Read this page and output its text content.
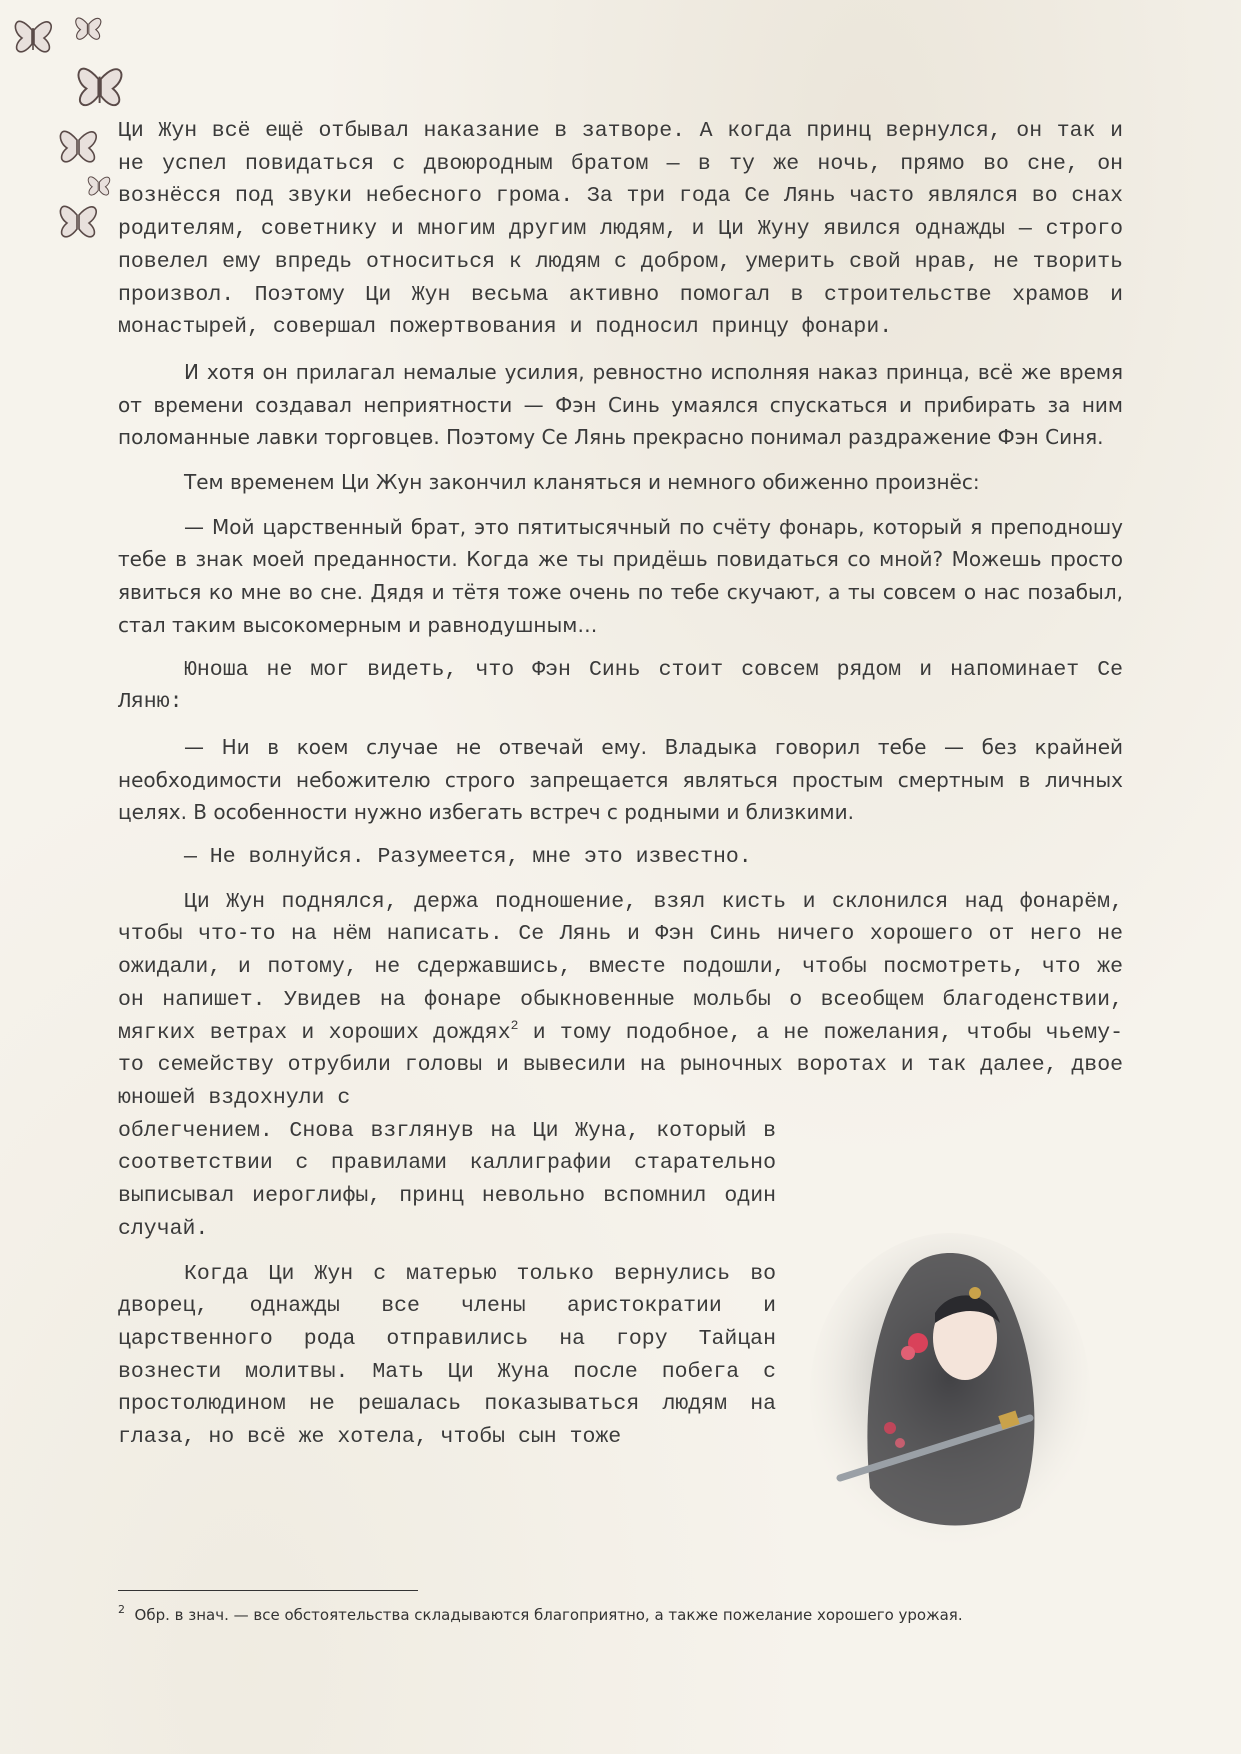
Ци Жун всё ещё отбывал наказание в затворе. А когда принц вернулся, он так и не успел повидаться с двоюродным братом — в ту же ночь, прямо во сне, он вознёсся под звуки небесного грома. За три года Се Лянь часто являлся во снах родителям, советнику и многим другим людям, и Ци Жуну явился однажды — строго повелел ему впредь относиться к людям с добром, умерить свой нрав, не творить произвол. Поэтому Ци Жун весьма активно помогал в строительстве храмов и монастырей, совершал пожертвования и подносил принцу фонари.

И хотя он прилагал немалые усилия, ревностно исполняя наказ принца, всё же время от времени создавал неприятности — Фэн Синь умаялся спускаться и прибирать за ним поломанные лавки торговцев. Поэтому Се Лянь прекрасно понимал раздражение Фэн Синя.

Тем временем Ци Жун закончил кланяться и немного обиженно произнёс:

— Мой царственный брат, это пятитысячный по счёту фонарь, который я преподношу тебе в знак моей преданности. Когда же ты придёшь повидаться со мной? Можешь просто явиться ко мне во сне. Дядя и тётя тоже очень по тебе скучают, а ты совсем о нас позабыл, стал таким высокомерным и равнодушным…

Юноша не мог видеть, что Фэн Синь стоит совсем рядом и напоминает Се Ляню:

— Ни в коем случае не отвечай ему. Владыка говорил тебе — без крайней необходимости небожителю строго запрещается являться простым смертным в личных целях. В особенности нужно избегать встреч с родными и близкими.

— Не волнуйся. Разумеется, мне это известно.

Ци Жун поднялся, держа подношение, взял кисть и склонился над фонарём, чтобы что-то на нём написать. Се Лянь и Фэн Синь ничего хорошего от него не ожидали, и потому, не сдержавшись, вместе подошли, чтобы посмотреть, что же он напишет. Увидев на фонаре обыкновенные мольбы о всеобщем благоденствии, мягких ветрах и хороших дождях$^2$ и тому подобное, а не пожелания, чтобы чьему-то семейству отрубили головы и вывесили на рыночных воротах и так далее, двое юношей вздохнули с

облегчением. Снова взглянув на Ци Жуна, который в соответствии с правилами каллиграфии старательно выписывал иероглифы, принц невольно вспомнил один случай.

Когда Ци Жун с матерью только вернулись во дворец, однажды все члены аристократии и царственного рода отправились на гору Тайцан вознести молитвы. Мать Ци Жуна после побега с простолюдином не решалась показываться людям на глаза, но всё же хотела, чтобы сын тоже

$^2$ Обр. в знач. — все обстоятельства складываются благоприятно, а также пожелание хорошего урожая.
